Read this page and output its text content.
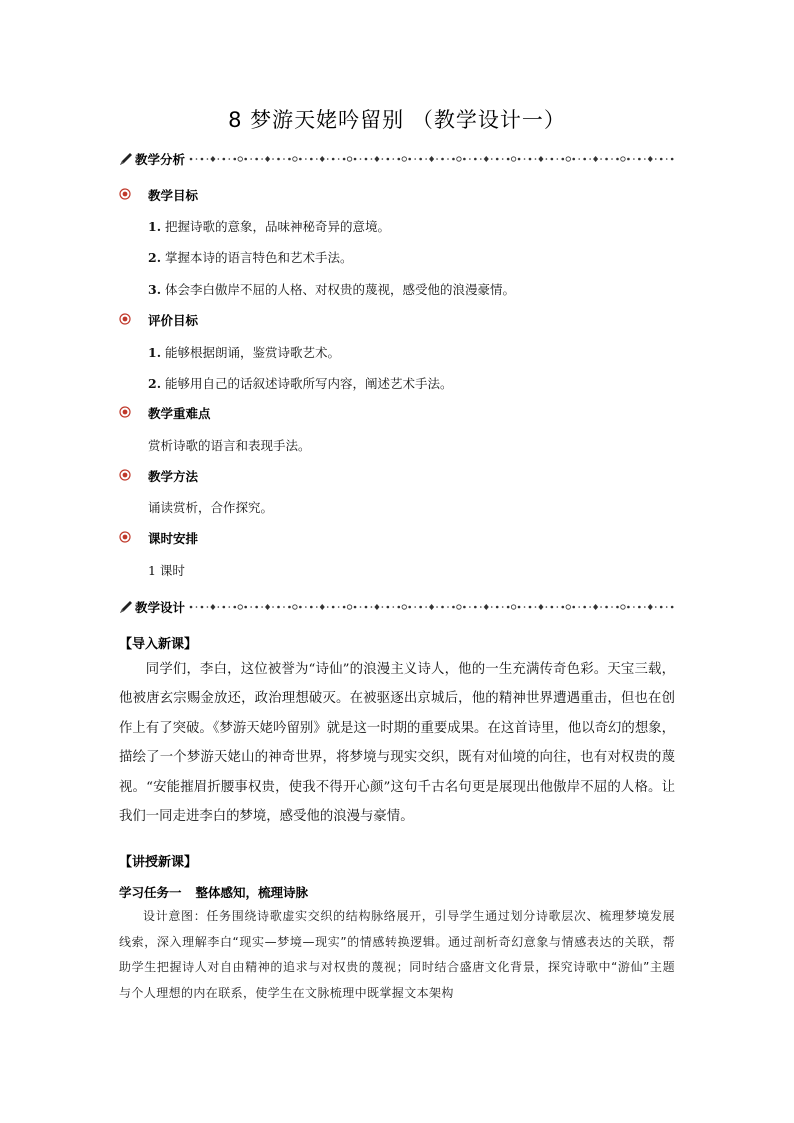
8 梦游天姥吟留别 （教学设计一）
教学分析
教学目标
1. 把握诗歌的意象，品味神秘奇异的意境。
2. 掌握本诗的语言特色和艺术手法。
3. 体会李白傲岸不屈的人格、对权贵的蔑视，感受他的浪漫豪情。
评价目标
1. 能够根据朗诵，鉴赏诗歌艺术。
2. 能够用自己的话叙述诗歌所写内容，阐述艺术手法。
教学重难点
赏析诗歌的语言和表现手法。
教学方法
诵读赏析，合作探究。
课时安排
1 课时
教学设计
【导入新课】

同学们，李白，这位被誉为“诗仙”的浪漫主义诗人，他的一生充满传奇色彩。天宝三载，他被唐玄宗赐金放还，政治理想破灭。在被驱逐出京城后，他的精神世界遭遇重击，但也在创作上有了突破。《梦游天姥吟留别》就是这一时期的重要成果。在这首诗里，他以奇幻的想象，描绘了一个梦游天姥山的神奇世界，将梦境与现实交织，既有对仙境的向往，也有对权贵的蔑视。“安能摧眉折腰事权贵，使我不得开心颜”这句千古名句更是展现出他傲岸不屈的人格。让我们一同走进李白的梦境，感受他的浪漫与豪情。

【讲授新课】
学习任务一 整体感知，梳理诗脉

设计意图：任务围绕诗歌虚实交织的结构脉络展开，引导学生通过划分诗歌层次、梳理梦境发展线索，深入理解李白“现实—梦境—现实”的情感转换逻辑。通过剖析奇幻意象与情感表达的关联，帮助学生把握诗人对自由精神的追求与对权贵的蔑视；同时结合盛唐文化背景，探究诗歌中“游仙”主题与个人理想的内在联系，使学生在文脉梳理中既掌握文本架构
